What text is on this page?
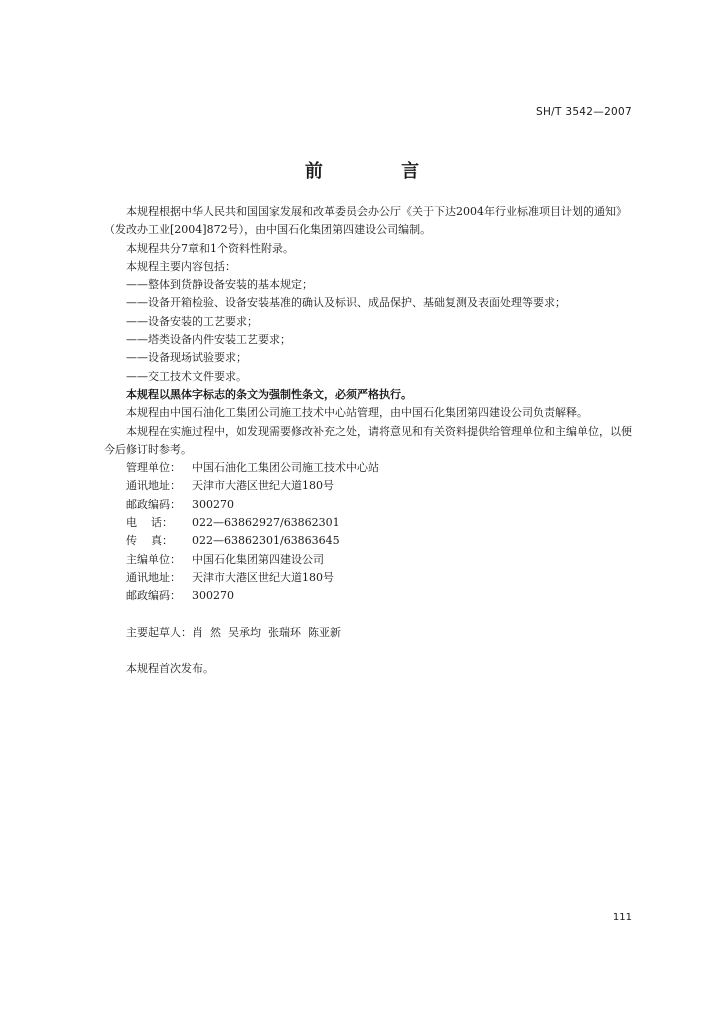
SH/T 3542—2007
前 言

本规程根据中华人民共和国国家发展和改革委员会办公厅《关于下达2004年行业标准项目计划的通知》（发改办工业[2004]872号），由中国石化集团第四建设公司编制。

本规程共分7章和1个资料性附录。

本规程主要内容包括：

——整体到货静设备安装的基本规定；

——设备开箱检验、设备安装基准的确认及标识、成品保护、基础复测及表面处理等要求；

——设备安装的工艺要求；

——塔类设备内件安装工艺要求；

——设备现场试验要求；

——交工技术文件要求。

本规程以黑体字标志的条文为强制性条文，必须严格执行。

本规程由中国石油化工集团公司施工技术中心站管理，由中国石化集团第四建设公司负责解释。

本规程在实施过程中，如发现需要修改补充之处，请将意见和有关资料提供给管理单位和主编单位，以便今后修订时参考。

管理单位： 中国石油化工集团公司施工技术中心站
通讯地址： 天津市大港区世纪大道180号
邮政编码： 300270
电    话： 022—63862927/63862301
传    真： 022—63862301/63863645
主编单位： 中国石化集团第四建设公司
通讯地址： 天津市大港区世纪大道180号
邮政编码： 300270

主要起草人：肖  然  吴承均  张瑞环  陈亚新

本规程首次发布。

111
